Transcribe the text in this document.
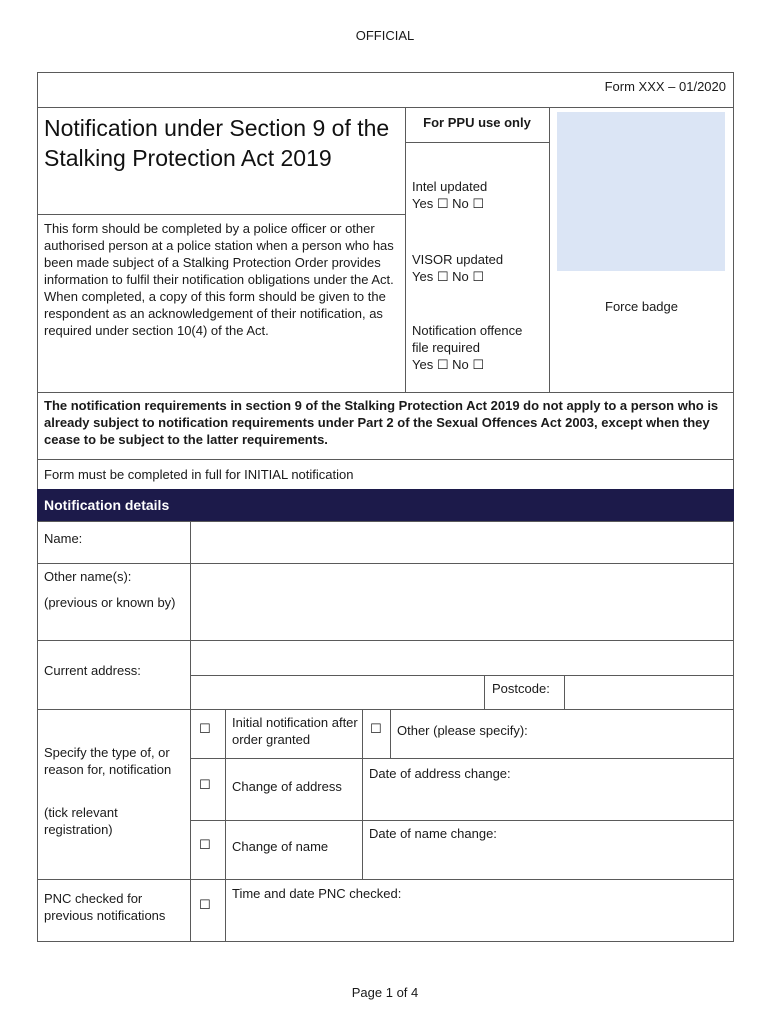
OFFICIAL
Form XXX – 01/2020
Notification under Section 9 of the Stalking Protection Act 2019
This form should be completed by a police officer or other authorised person at a police station when a person who has been made subject of a Stalking Protection Order provides information to fulfil their notification obligations under the Act. When completed, a copy of this form should be given to the respondent as an acknowledgement of their notification, as required under section 10(4) of the Act.
For PPU use only
Intel updated
Yes ☐ No ☐
VISOR updated
Yes ☐ No ☐
Notification offence
file required
Yes ☐ No ☐
Force badge
The notification requirements in section 9 of the Stalking Protection Act 2019 do not apply to a person who is already subject to notification requirements under Part 2 of the Sexual Offences Act 2003, except when they cease to be subject to the latter requirements.
Form must be completed in full for INITIAL notification
Notification details
Name:
Other name(s):
(previous or known by)
Current address:
Postcode:
Specify the type of, or reason for, notification
(tick relevant registration)
☐ Initial notification after order granted
☐ Other (please specify):
☐ Change of address
Date of address change:
☐ Change of name
Date of name change:
PNC checked for previous notifications
☐
Time and date PNC checked:
Page 1 of 4
